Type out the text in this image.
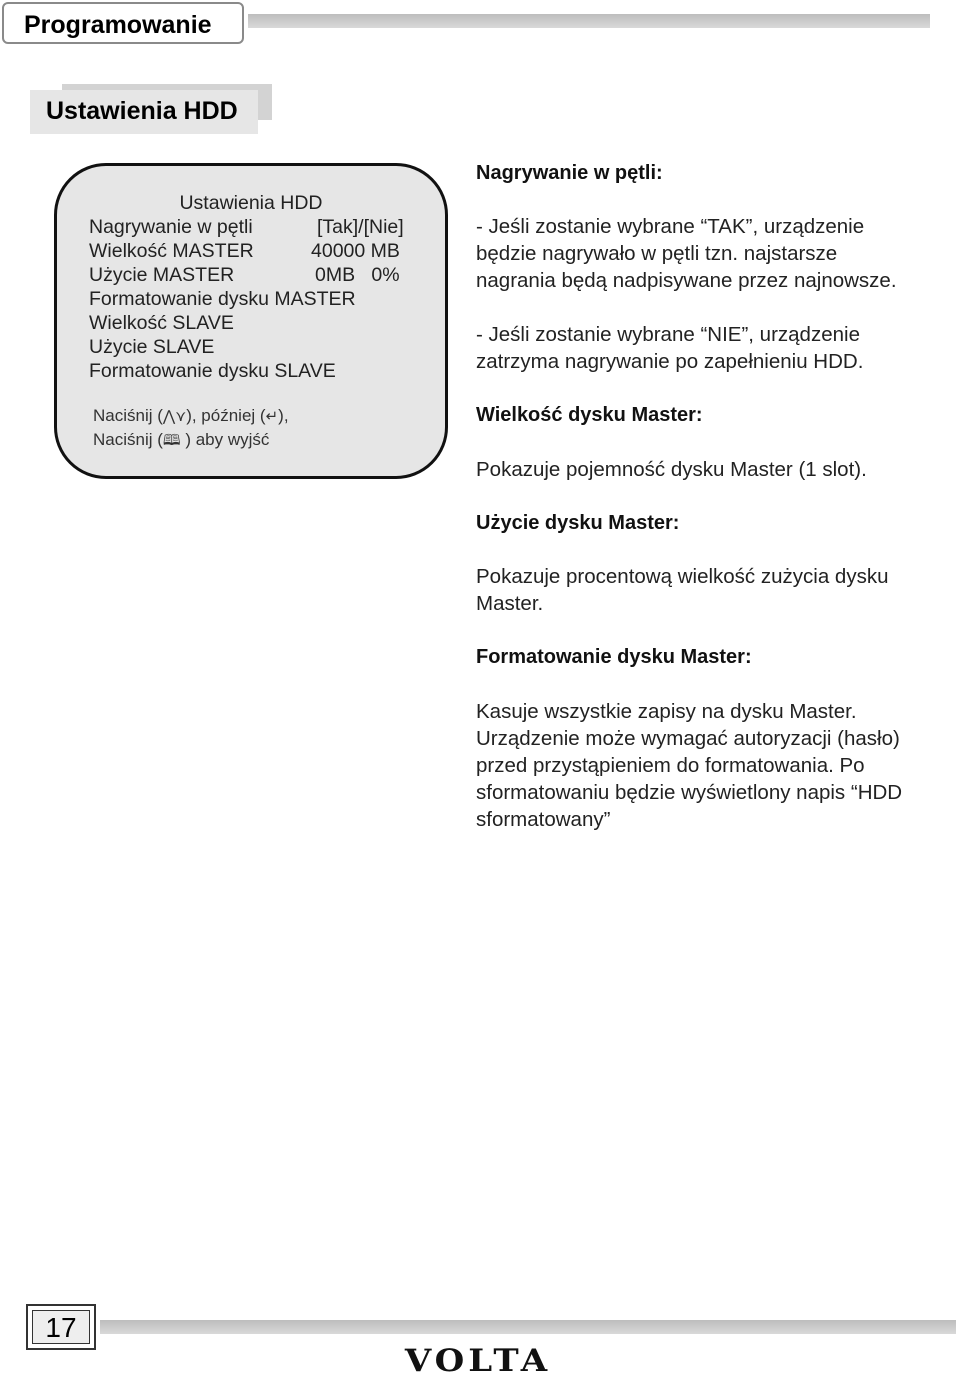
Programowanie
Ustawienia HDD
Ustawienia HDD
Nagrywanie w pętli	[Tak]/[Nie]
Wielkość MASTER	40000 MB
Użycie MASTER	0MB   0%
Formatowanie dysku MASTER
Wielkość SLAVE
Użycie SLAVE
Formatowanie dysku SLAVE
Naciśnij (⋀⋎), później (↵),
Naciśnij (🕮 ) aby wyjść
Nagrywanie w pętli:
- Jeśli zostanie wybrane “TAK”, urządzenie będzie nagrywało w pętli tzn. najstarsze nagrania będą nadpisywane przez najnowsze.
- Jeśli zostanie wybrane “NIE”, urządzenie zatrzyma nagrywanie po zapełnieniu HDD.
Wielkość dysku Master:
Pokazuje pojemność dysku Master (1 slot).
Użycie dysku Master:
Pokazuje procentową wielkość zużycia dysku Master.
Formatowanie dysku Master:
Kasuje wszystkie zapisy na dysku Master. Urządzenie może wymagać autoryzacji (hasło) przed przystąpieniem do formatowania. Po sformatowaniu będzie wyświetlony napis “HDD sformatowany”
17
VOLTA
